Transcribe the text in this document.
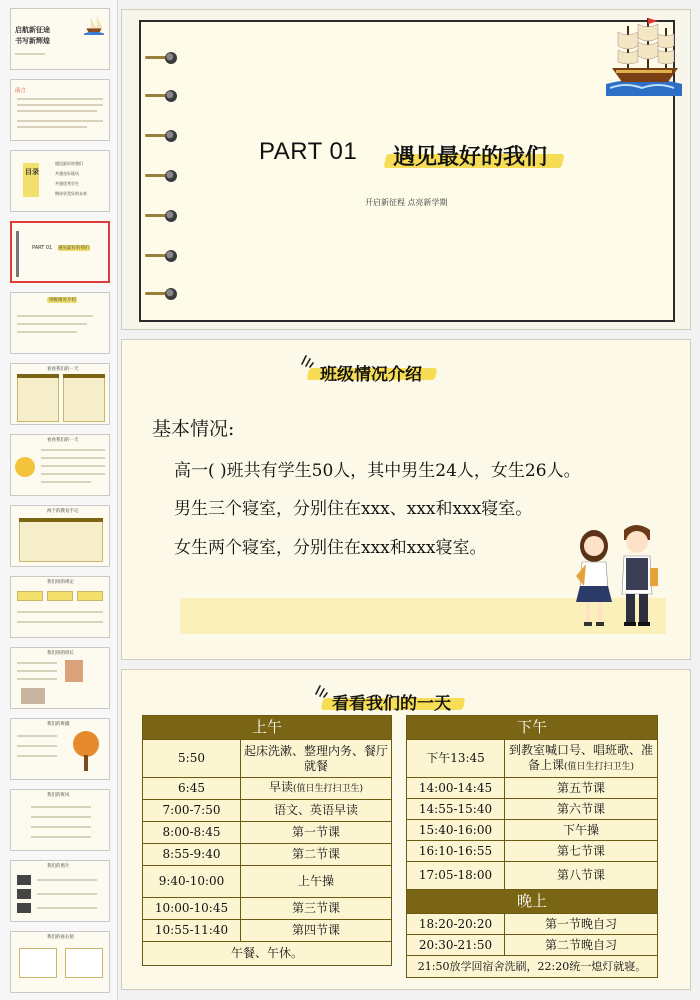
启航新征途
书写新辉煌
前言
目录
遇见最好的我们
共建良好班风
共建优秀学生
期待更美好的未来
PART 01 遇见最好的我们
班级情况介绍
看看我们的一天
看看我们的一天
两个的教育手记
我们班的规定
我们班的班长
我们的班徽
我们的班风
我们的照片
我们的座右铭
PART 01 遇见最好的我们
开启新征程 点亮新学期
班级情况介绍
基本情况:
高一( )班共有学生50人，其中男生24人，女生26人。
男生三个寝室，分别住在xxx、xxx和xxx寝室。
女生两个寝室，分别住在xxx和xxx寝室。
看看我们的一天
上午	
5:50	起床洗漱、整理内务、餐厅就餐
6:45	早读(值日生打扫卫生)
7:00-7:50	语文、英语早读
8:00-8:45	第一节课
8:55-9:40	第二节课
9:40-10:00	上午操
10:00-10:45	第三节课
10:55-11:40	第四节课
午餐、午休。	
下午	
下午13:45	到教室喊口号、唱班歌、准备上课(值日生打扫卫生)
14:00-14:45	第五节课
14:55-15:40	第六节课
15:40-16:00	下午操
16:10-16:55	第七节课
17:05-18:00	第八节课
晚上	
18:20-20:20	第一节晚自习
20:30-21:50	第二节晚自习
21:50放学回宿舍洗刷，22:20统一熄灯就寝。	
